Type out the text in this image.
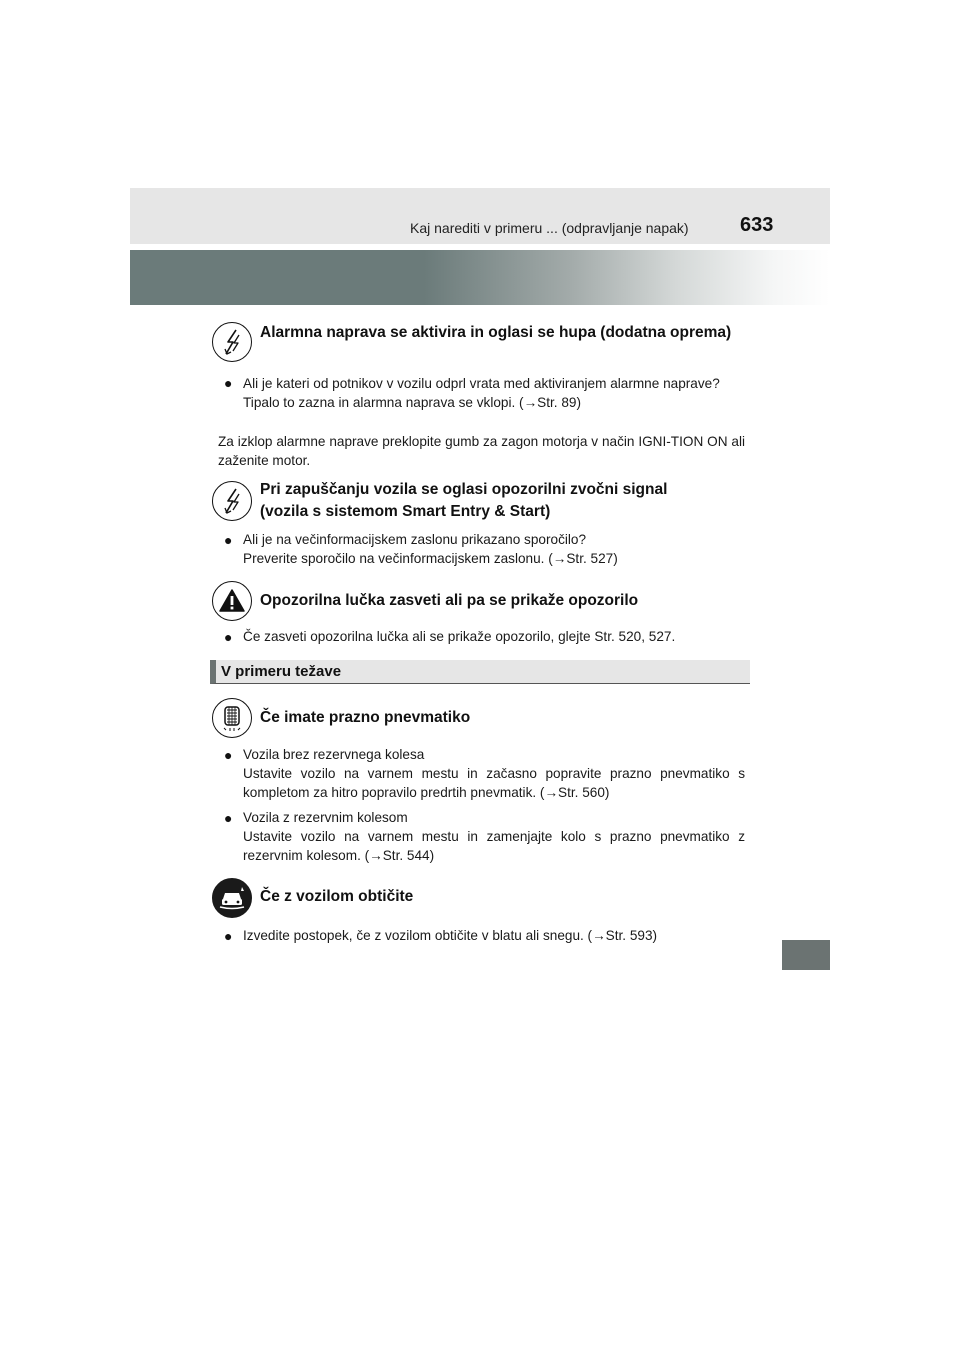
Kaj narediti v primeru ... (odpravljanje napak)	633
Alarmna naprava se aktivira in oglasi se hupa (dodatna oprema)
●
Ali je kateri od potnikov v vozilu odprl vrata med aktiviranjem alarmne naprave?
Tipalo to zazna in alarmna naprava se vklopi. (→Str. 89)
Za izklop alarmne naprave preklopite gumb za zagon motorja v način IGNI-TION ON ali zaženite motor.
Pri zapuščanju vozila se oglasi opozorilni zvočni signal
(vozila s sistemom Smart Entry & Start)
●
Ali je na večinformacijskem zaslonu prikazano sporočilo?
Preverite sporočilo na večinformacijskem zaslonu. (→Str. 527)
Opozorilna lučka zasveti ali pa se prikaže opozorilo
●
Če zasveti opozorilna lučka ali se prikaže opozorilo, glejte Str. 520, 527.
V primeru težave
Če imate prazno pnevmatiko
●
Vozila brez rezervnega kolesa
Ustavite vozilo na varnem mestu in začasno popravite prazno pnevmatiko s kompletom za hitro popravilo predrtih pnevmatik. (→Str. 560)
●
Vozila z rezervnim kolesom
Ustavite vozilo na varnem mestu in zamenjajte kolo s prazno pnevmatiko z rezervnim kolesom. (→Str. 544)
Če z vozilom obtičite
●
Izvedite postopek, če z vozilom obtičite v blatu ali snegu. (→Str. 593)
